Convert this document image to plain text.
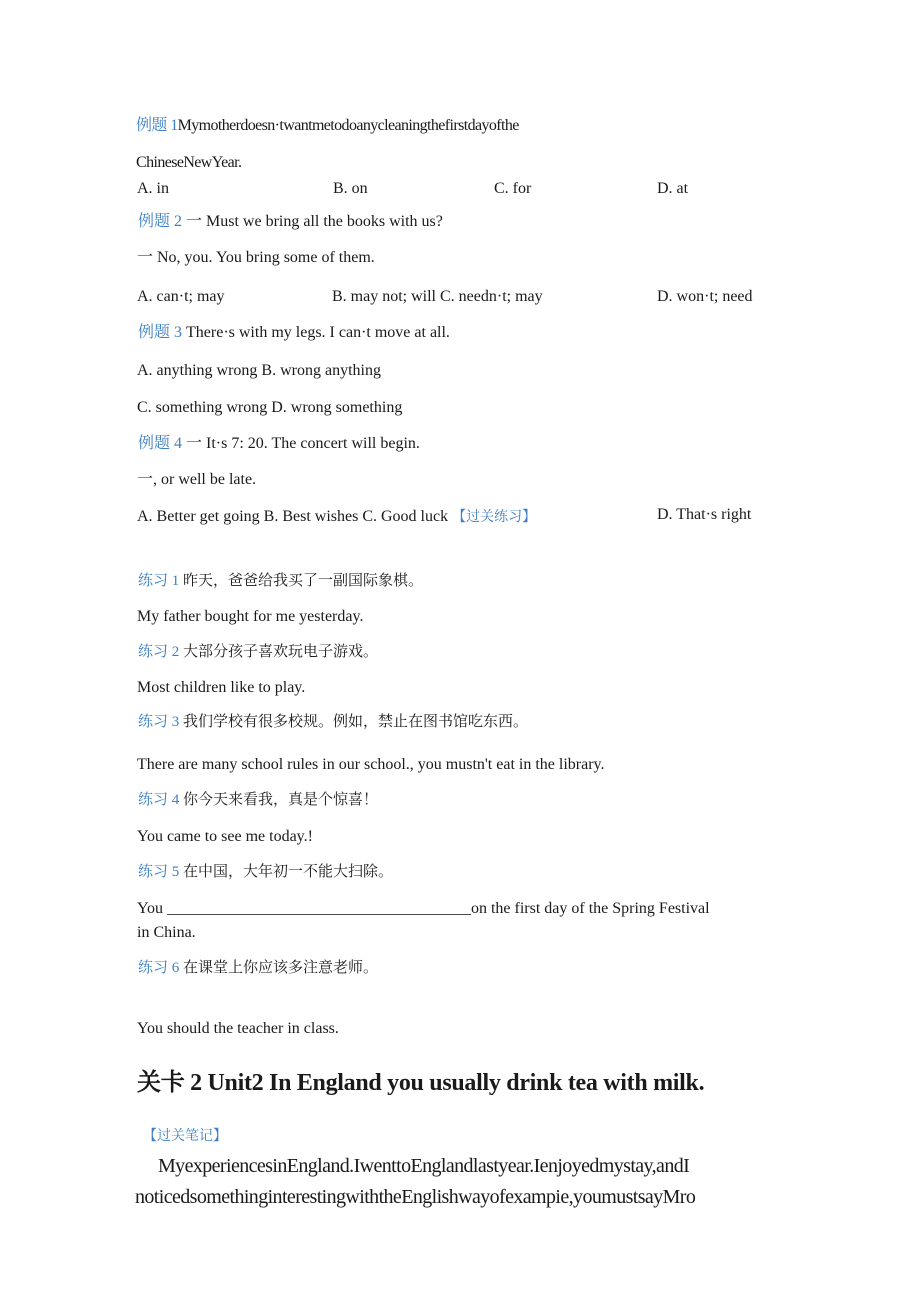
例题 1Mymotherdoesn·twantmetodoanycleaningthefirstdayofthe
ChineseNewYear.
A. in	B. on	C. for	D. at
例题 2 一 Must we bring all the books with us?
一 No, you. You bring some of them.
A. can·t; may	B. may not; will C. needn·t; may	D. won·t; need
例题 3 There·s with my legs. I can·t move at all.
A. anything wrong B. wrong anything
C. something wrong D. wrong something
例题 4 一 It·s 7: 20. The concert will begin.
一, or well be late.
A. Better get going B. Best wishes C. Good luck 【过关练习】	D. That·s right
练习 1 昨天，爸爸给我买了一副国际象棋。
My father bought for me yesterday.
练习 2 大部分孩子喜欢玩电子游戏。
Most children like to play.
练习 3 我们学校有很多校规。例如，禁止在图书馆吃东西。
There are many school rules in our school., you mustn't eat in the library.
练习 4 你今天来看我，真是个惊喜！
You came to see me today.!
练习 5 在中国，大年初一不能大扫除。
You ______________________________________on the first day of the Spring Festival
in China.
练习 6 在课堂上你应该多注意老师。
You should the teacher in class.
关卡 2 Unit2 In England you usually drink tea with milk.
【过关笔记】
MyexperiencesinEngland.IwenttoEnglandlastyear.Ienjoyedmystay,andI
noticedsomethinginterestingwiththeEnglishwayofexampie,youmustsayMro
